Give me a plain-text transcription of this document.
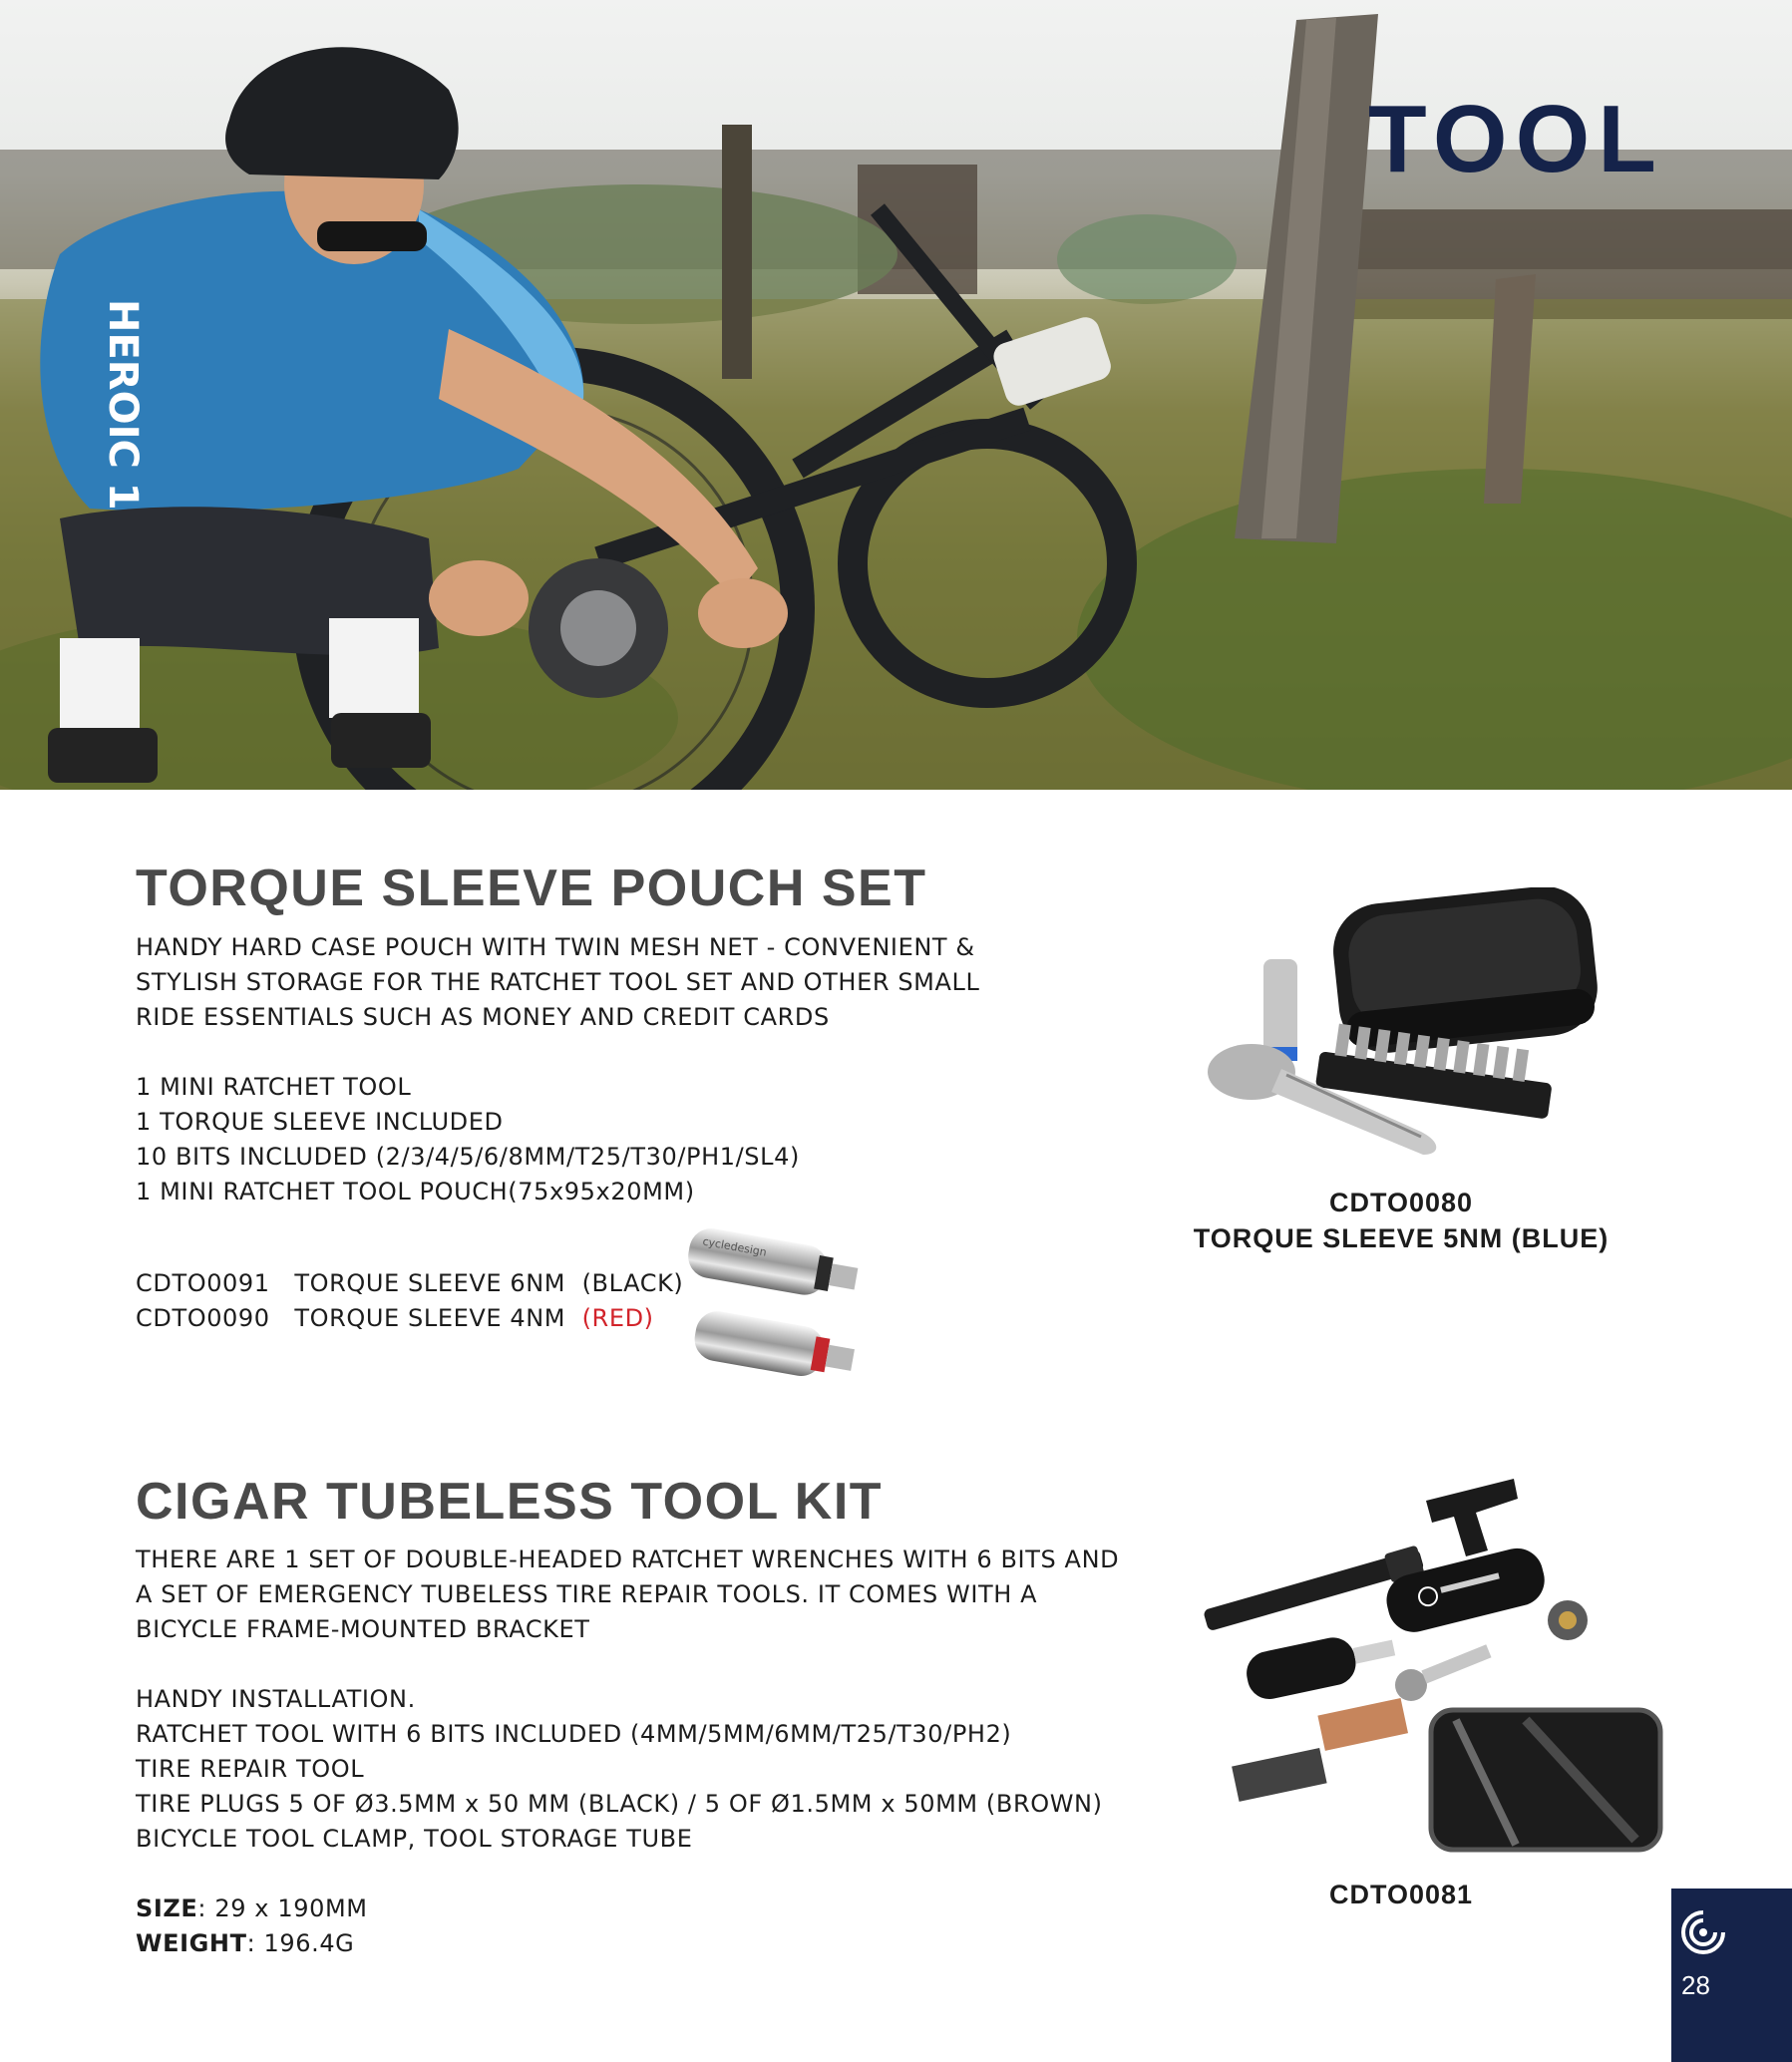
HEROIC 1
TOOL
TORQUE SLEEVE POUCH SET
HANDY HARD CASE POUCH WITH TWIN MESH NET - CONVENIENT &
STYLISH STORAGE FOR THE RATCHET TOOL SET AND OTHER SMALL
RIDE ESSENTIALS SUCH AS MONEY AND CREDIT CARDS
1 MINI RATCHET TOOL
1 TORQUE SLEEVE INCLUDED
10 BITS INCLUDED (2/3/4/5/6/8MM/T25/T30/PH1/SL4)
1 MINI RATCHET TOOL POUCH(75x95x20MM)
CDTO0091 TORQUE SLEEVE 6NM (BLACK)
CDTO0090 TORQUE SLEEVE 4NM (RED)
cycledesign
CDTO0080
TORQUE SLEEVE 5NM (BLUE)
CIGAR TUBELESS TOOL KIT
THERE ARE 1 SET OF DOUBLE-HEADED RATCHET WRENCHES WITH 6 BITS AND
A SET OF EMERGENCY TUBELESS TIRE REPAIR TOOLS. IT COMES WITH A
BICYCLE FRAME-MOUNTED BRACKET
HANDY INSTALLATION.
RATCHET TOOL WITH 6 BITS INCLUDED (4MM/5MM/6MM/T25/T30/PH2)
TIRE REPAIR TOOL
TIRE PLUGS 5 OF Ø3.5MM x 50 MM (BLACK) / 5 OF Ø1.5MM x 50MM (BROWN)
BICYCLE TOOL CLAMP, TOOL STORAGE TUBE
SIZE: 29 x 190MM
WEIGHT: 196.4G
CDTO0081
28
